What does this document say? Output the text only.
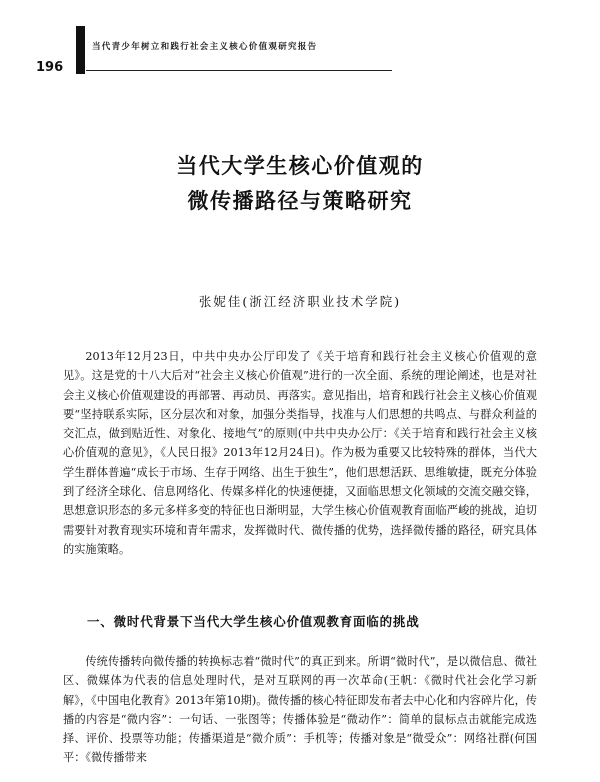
当代青少年树立和践行社会主义核心价值观研究报告
196
当代大学生核心价值观的
微传播路径与策略研究
张妮佳(浙江经济职业技术学院)

2013年12月23日，中共中央办公厅印发了《关于培育和践行社会主义核心价值观的意见》。这是党的十八大后对“社会主义核心价值观”进行的一次全面、系统的理论阐述，也是对社会主义核心价值观建设的再部署、再动员、再落实。意见指出，培育和践行社会主义核心价值观要“坚持联系实际，区分层次和对象，加强分类指导，找准与人们思想的共鸣点、与群众利益的交汇点，做到贴近性、对象化、接地气”的原则(中共中央办公厅：《关于培育和践行社会主义核心价值观的意见》，《人民日报》2013年12月24日)。作为极为重要又比较特殊的群体，当代大学生群体普遍“成长于市场、生存于网络、出生于独生”，他们思想活跃、思维敏捷，既充分体验到了经济全球化、信息网络化、传媒多样化的快速便捷，又面临思想文化领域的交流交融交锋，思想意识形态的多元多样多变的特征也日渐明显，大学生核心价值观教育面临严峻的挑战，迫切需要针对教育现实环境和青年需求，发挥微时代、微传播的优势，选择微传播的路径，研究具体的实施策略。

一、微时代背景下当代大学生核心价值观教育面临的挑战

传统传播转向微传播的转换标志着“微时代”的真正到来。所谓“微时代”，是以微信息、微社区、微媒体为代表的信息处理时代，是对互联网的再一次革命(王帆：《微时代社会化学习新解》，《中国电化教育》2013年第10期)。微传播的核心特征即发布者去中心化和内容碎片化，传播的内容是“微内容”：一句话、一张图等；传播体验是“微动作”：简单的鼠标点击就能完成选择、评价、投票等功能；传播渠道是“微介质”：手机等；传播对象是“微受众”：网络社群(何国平：《微传播带来
